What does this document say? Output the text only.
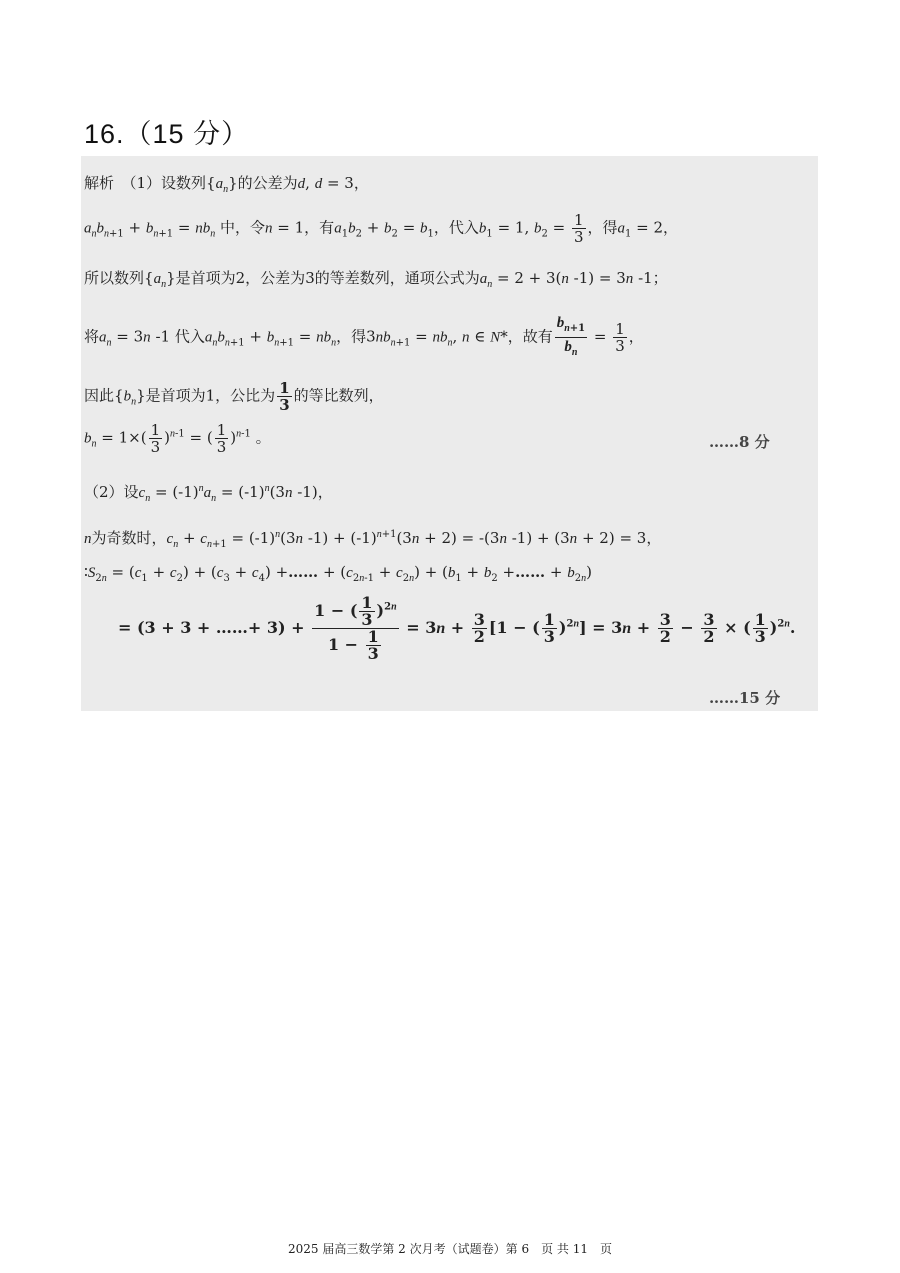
16.（15 分）
解析　（1）设数列$\{a_n\}$的公差为d, d = 3，
$a_nb_{n+1} + b_{n+1} = nb_n$ 中，令n = 1，有$a_1b_2 + b_2 = b_1$，代入$b_1 = 1$, $b_2 = \frac{1}{3}$ ，得$a_1 = 2$，
所以数列$\{a_n\}$是首项为2，公差为3的等差数列，通项公式为$a_n = 2 + 3(n$ -1) = 3n -1；
将$a_n = 3n$ -1 代入$a_nb_{n+1} + b_{n+1} = nb_n$，得$3nb_{n+1} = nb_n$, n ∈ N*，故有 $\frac{b_{n+1}}{b_n} = \frac{1}{3}$ ，
因此$\{b_n\}$是首项为1，公比为 $\frac{1}{3}$ 的等比数列，
$b_n = 1\times( \frac{1}{3} )^{n-1}$ = ( $\frac{1}{3} )^{n-1}$ 。	……8 分
（2）设$c_n = (-1)^na_n = (-1)^n(3n$ -1)，
n为奇数时，$c_n + c_{n+1} = (-1)^n(3n$ $-1) + (-1)^{n+1}(3n + 2) = -(3n$ -1) + (3n + 2) = 3，
$∶S_{2n} = (c_1 + c_2) + (c_3 + c_4)$ +…… + $(c_{2n-1} + c_{2n}) + (b_1 + b_2$ +…… + $b_{2n}$)
= (3 + 3 + ……+ $3) + \frac{1 - ( \frac{1}{3} )^{2n}}{1 - \frac{1}{3}} = 3n + \frac{3}{2} [1$ − ( $\frac{1}{3} )^{2n}] = 3n + \frac{3}{2} - \frac{3}{2}$ × ( $\frac{1}{3} )^{2n}$.
……15 分
2025 届高三数学第 2 次月考（试题卷）第 6　页 共 11　页
